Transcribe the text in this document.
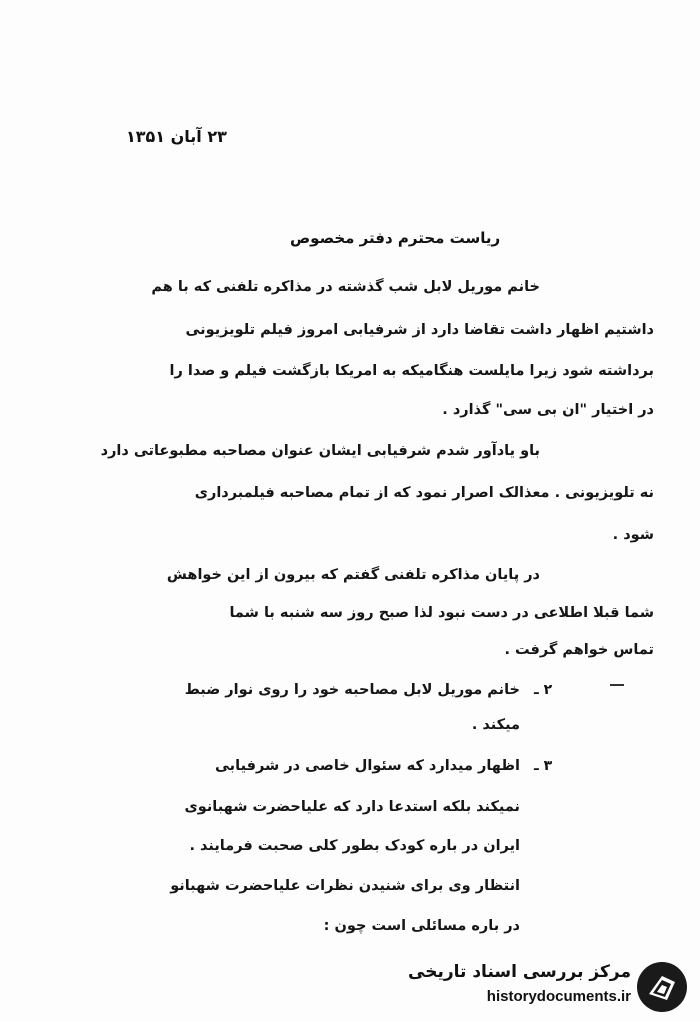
۲۳ آبان ۱۳۵۱
ریاست محترم دفتر مخصوص
خانم موریل لابل شب گذشته در مذاکره تلفنی که با هم
داشتیم اظهار داشت تقاضا دارد از شرفیابی امروز فیلم تلویزیونی
برداشته شود زیرا مایلست هنگامیکه به امریکا بازگشت فیلم و صدا را
در اختیار "ان بی سی" گذارد .
باو یادآور شدم شرفیابی ایشان عنوان مصاحبه مطبوعاتی دارد
نه تلویزیونی . معذالک اصرار نمود که از تمام مصاحبه فیلمبرداری
شود .
در پایان مذاکره تلفنی گفتم که بیرون از این خواهش
شما قبلا اطلاعی در دست نبود لذا صبح روز سه شنبه با شما
تماس خواهم گرفت .
۲ ـ
خانم موریل لابل مصاحبه خود را روی نوار ضبط
میکند .
۳ ـ
اظهار میدارد که سئوال خاصی در شرفیابی
نمیکند بلکه استدعا دارد که علیاحضرت شهبانوی
ایران در باره کودک بطور کلی صحبت فرمایند .
انتظار وی برای شنیدن نظرات علیاحضرت شهبانو
در باره مسائلی است چون :
مرکز بررسی اسناد تاریخی
historydocuments.ir
